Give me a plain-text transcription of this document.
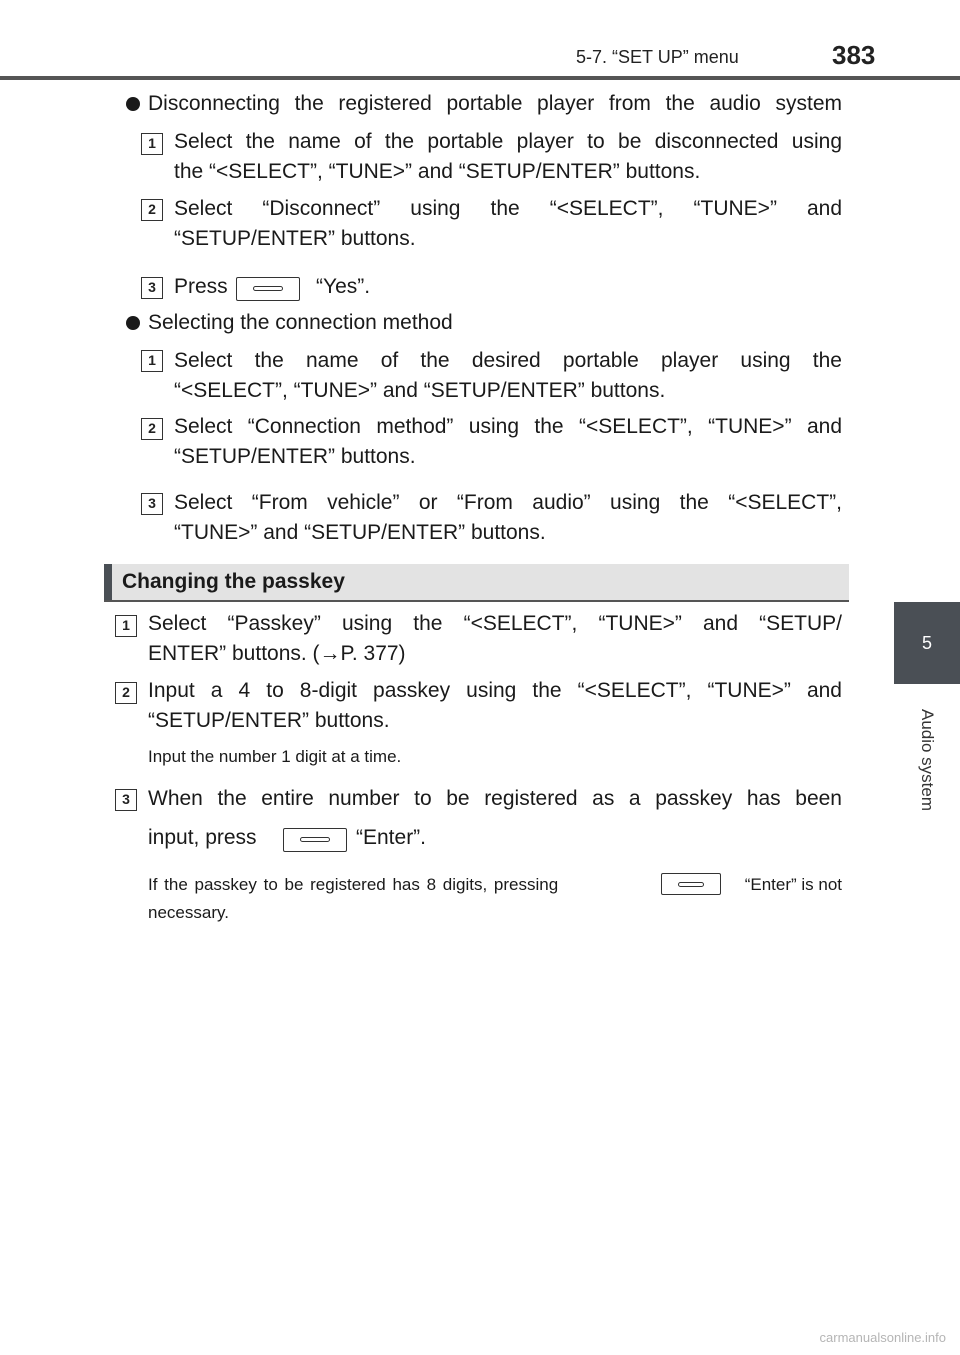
5-7. “SET UP” menu	383
5
Audio system
Disconnecting the registered portable player from the audio system
1 Select the name of the portable player to be disconnected using
the “<SELECT”, “TUNE>” and “SETUP/ENTER” buttons.
2 Select “Disconnect” using the “<SELECT”, “TUNE>” and
“SETUP/ENTER” buttons.
3 Press	“Yes”.
Selecting the connection method
1 Select the name of the desired portable player using the
“<SELECT”, “TUNE>” and “SETUP/ENTER” buttons.
2 Select “Connection method” using the “<SELECT”, “TUNE>” and
“SETUP/ENTER” buttons.
3 Select “From vehicle” or “From audio” using the “<SELECT”,
“TUNE>” and “SETUP/ENTER” buttons.
Changing the passkey
1 Select “Passkey” using the “<SELECT”, “TUNE>” and “SETUP/
ENTER” buttons. (→P. 377)
2 Input a 4 to 8-digit passkey using the “<SELECT”, “TUNE>” and
“SETUP/ENTER” buttons.
Input the number 1 digit at a time.
3 When the entire number to be registered as a passkey has been
input, press	“Enter”.
If the passkey to be registered has 8 digits, pressing	“Enter” is not
necessary.
carmanualsonline.info
